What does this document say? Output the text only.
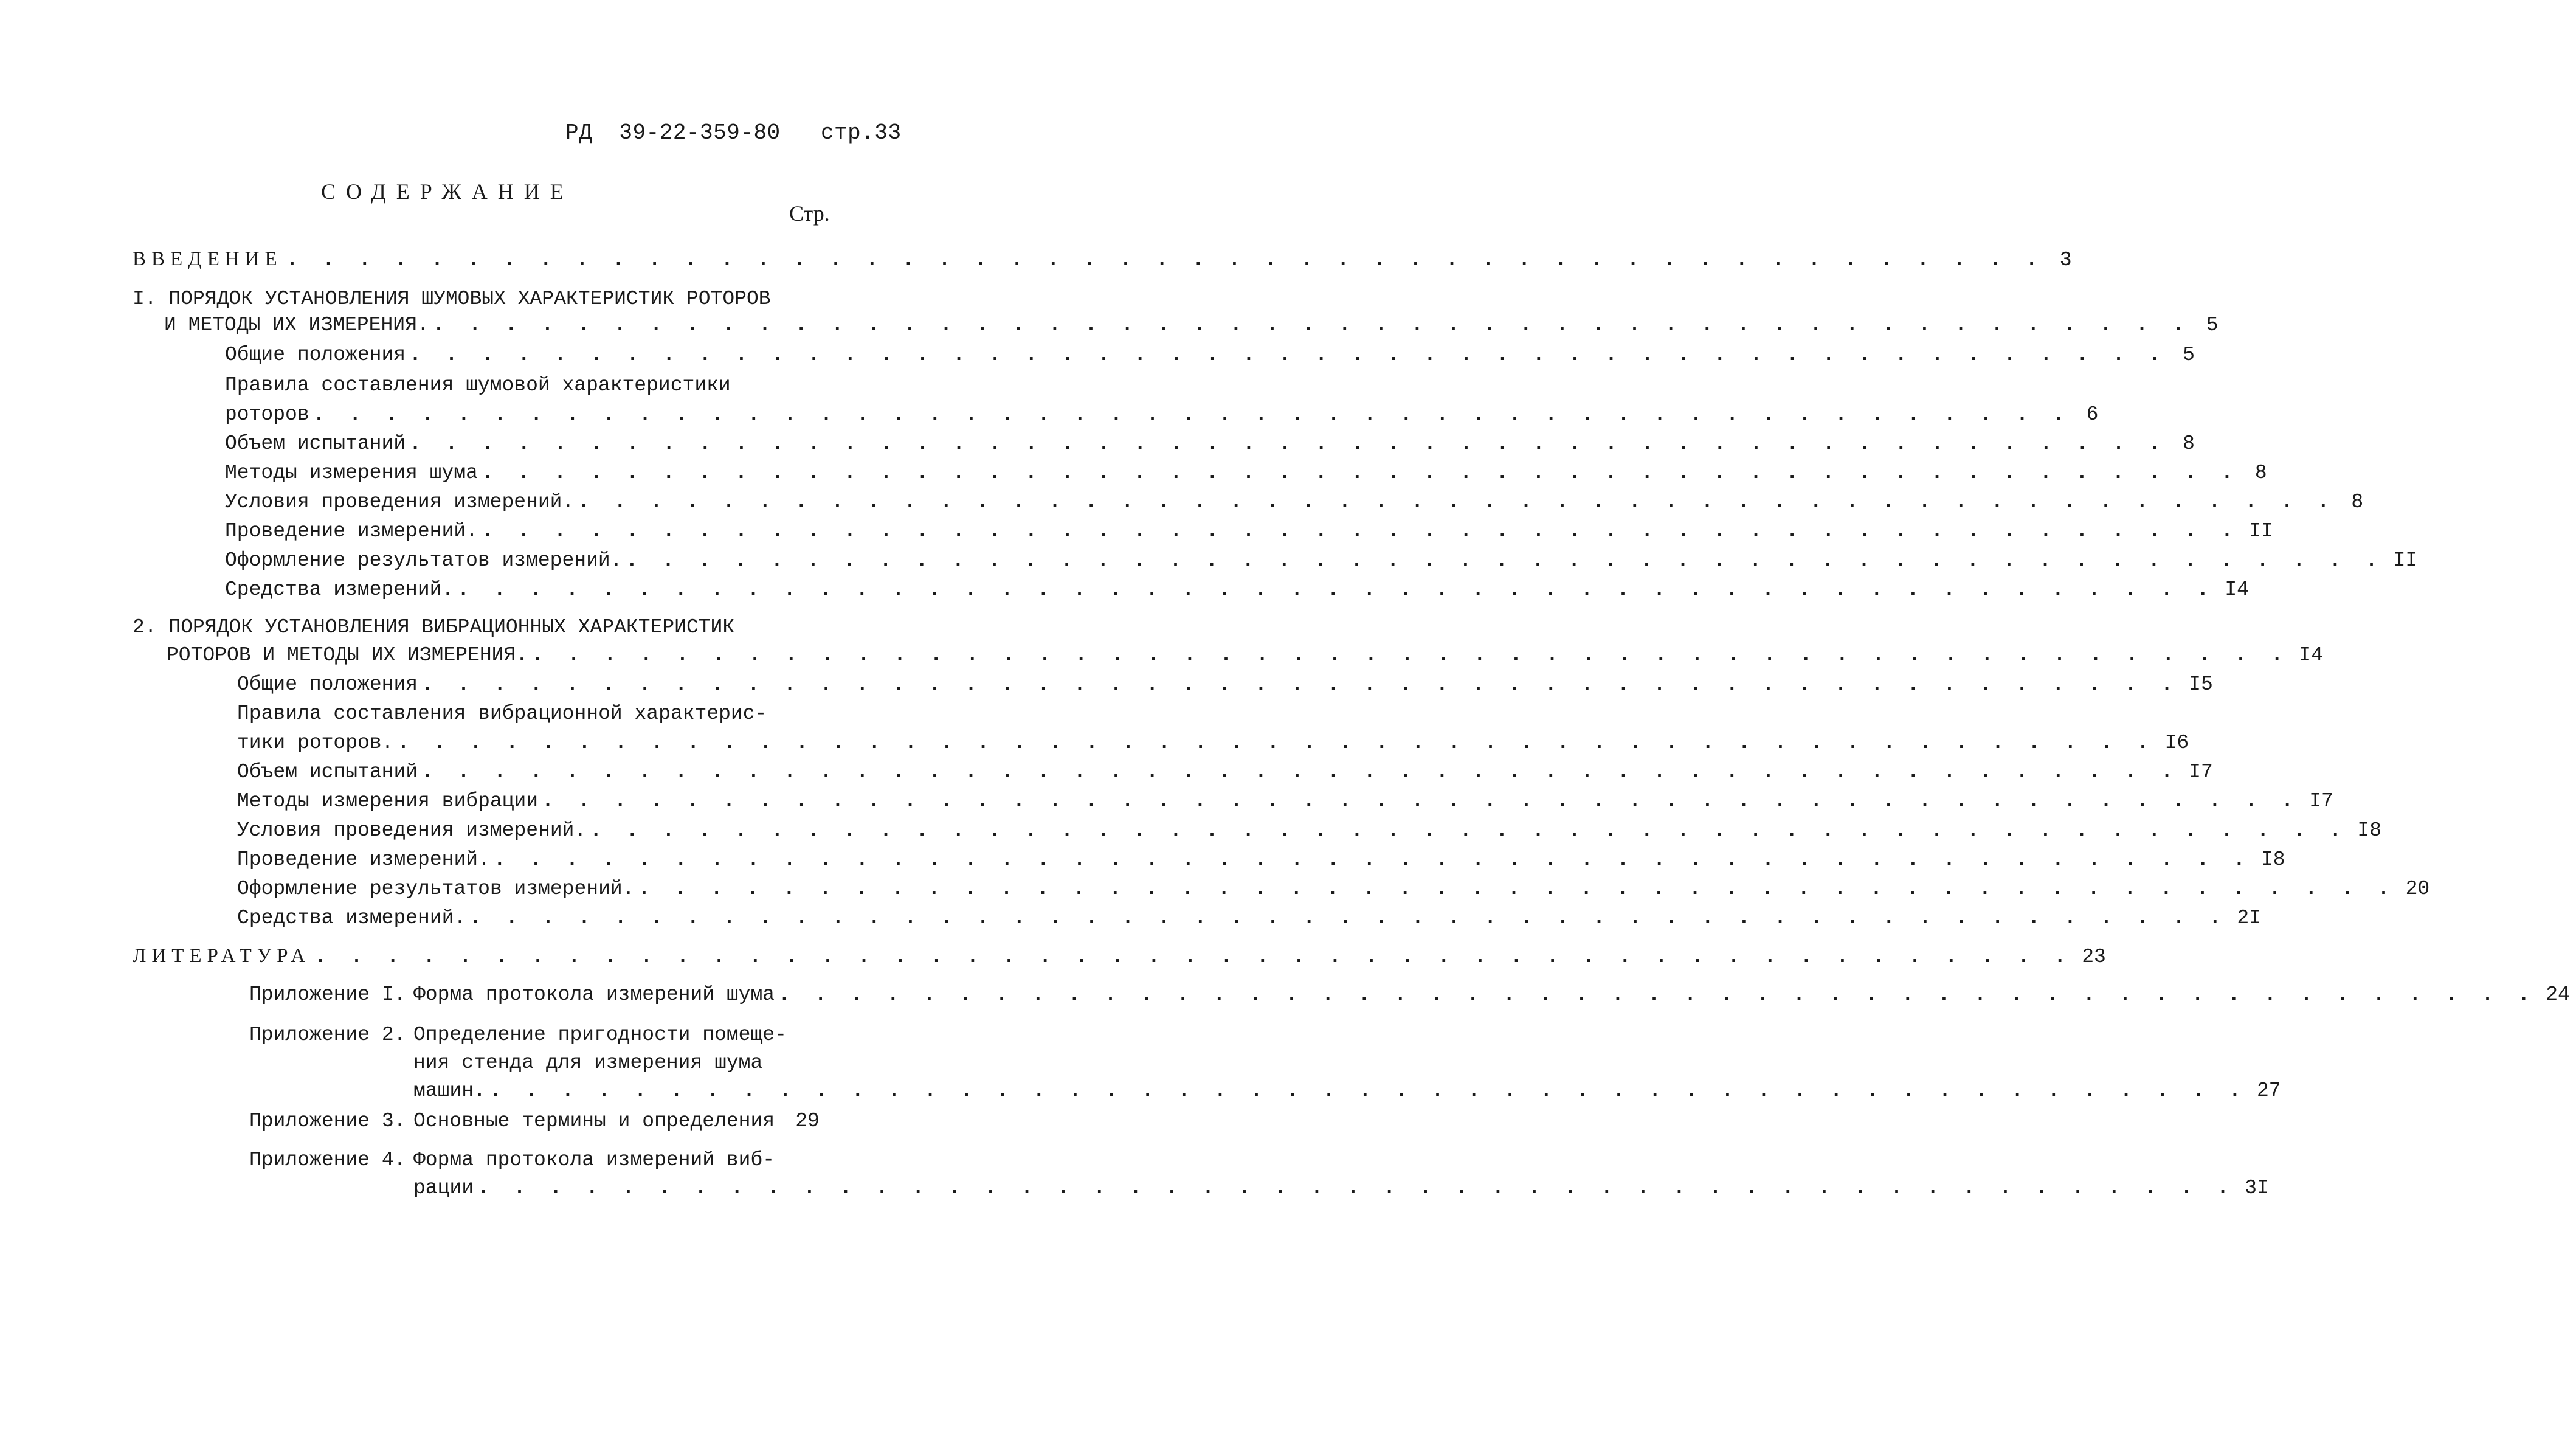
РД  39-22-359-80   стр.33
СОДЕРЖАНИЕ
Стр.
ВВЕДЕНИЕ . . . . . . . . . . . . . . . . . . . . . . . . . . . . . . . . . . . . . . . . . . . . . . . . . 3
I. ПОРЯДОК УСТАНОВЛЕНИЯ ШУМОВЫХ ХАРАКТЕРИСТИК РОТОРОВ
И МЕТОДЫ ИХ ИЗМЕРЕНИЯ. . . . . . . . . . . . . . . . . . . . . . . . . . . . . . . . . . . . . . . . . . . . . . . . . . 5
Общие положения . . . . . . . . . . . . . . . . . . . . . . . . . . . . . . . . . . . . . . . . . . . . . . . . . 5
Правила составления шумовой характеристики
роторов . . . . . . . . . . . . . . . . . . . . . . . . . . . . . . . . . . . . . . . . . . . . . . . . . 6
Объем испытаний . . . . . . . . . . . . . . . . . . . . . . . . . . . . . . . . . . . . . . . . . . . . . . . . . 8
Методы измерения шума . . . . . . . . . . . . . . . . . . . . . . . . . . . . . . . . . . . . . . . . . . . . . . . . . 8
Условия проведения измерений. . . . . . . . . . . . . . . . . . . . . . . . . . . . . . . . . . . . . . . . . . . . . . . . . . 8
Проведение измерений. . . . . . . . . . . . . . . . . . . . . . . . . . . . . . . . . . . . . . . . . . . . . . . . . . II
Оформление результатов измерений. . . . . . . . . . . . . . . . . . . . . . . . . . . . . . . . . . . . . . . . . . . . . . . . . . II
Средства измерений. . . . . . . . . . . . . . . . . . . . . . . . . . . . . . . . . . . . . . . . . . . . . . . . . . I4
2. ПОРЯДОК УСТАНОВЛЕНИЯ ВИБРАЦИОННЫХ ХАРАКТЕРИСТИК
РОТОРОВ И МЕТОДЫ ИХ ИЗМЕРЕНИЯ. . . . . . . . . . . . . . . . . . . . . . . . . . . . . . . . . . . . . . . . . . . . . . . . . . I4
Общие положения . . . . . . . . . . . . . . . . . . . . . . . . . . . . . . . . . . . . . . . . . . . . . . . . . I5
Правила составления вибрационной характерис-
тики роторов. . . . . . . . . . . . . . . . . . . . . . . . . . . . . . . . . . . . . . . . . . . . . . . . . . I6
Объем испытаний . . . . . . . . . . . . . . . . . . . . . . . . . . . . . . . . . . . . . . . . . . . . . . . . . I7
Методы измерения вибрации . . . . . . . . . . . . . . . . . . . . . . . . . . . . . . . . . . . . . . . . . . . . . . . . . I7
Условия проведения измерений. . . . . . . . . . . . . . . . . . . . . . . . . . . . . . . . . . . . . . . . . . . . . . . . . . I8
Проведение измерений. . . . . . . . . . . . . . . . . . . . . . . . . . . . . . . . . . . . . . . . . . . . . . . . . . I8
Оформление результатов измерений. . . . . . . . . . . . . . . . . . . . . . . . . . . . . . . . . . . . . . . . . . . . . . . . . . 20
Средства измерений. . . . . . . . . . . . . . . . . . . . . . . . . . . . . . . . . . . . . . . . . . . . . . . . . . 2I
ЛИТЕРАТУРА . . . . . . . . . . . . . . . . . . . . . . . . . . . . . . . . . . . . . . . . . . . . . . . . . 23
Приложение I. Форма протокола измерений шума . . . . . . . . . . . . . . . . . . . . . . . . . . . . . . . . . . . . . . . . . . . . . . . . . 24
Приложение 2. Определение пригодности помеще-
ния стенда для измерения шума
машин. . . . . . . . . . . . . . . . . . . . . . . . . . . . . . . . . . . . . . . . . . . . . . . . . . 27
Приложение 3. Основные термины и определения	29
Приложение 4. Форма протокола измерений виб-
рации . . . . . . . . . . . . . . . . . . . . . . . . . . . . . . . . . . . . . . . . . . . . . . . . . 3I
